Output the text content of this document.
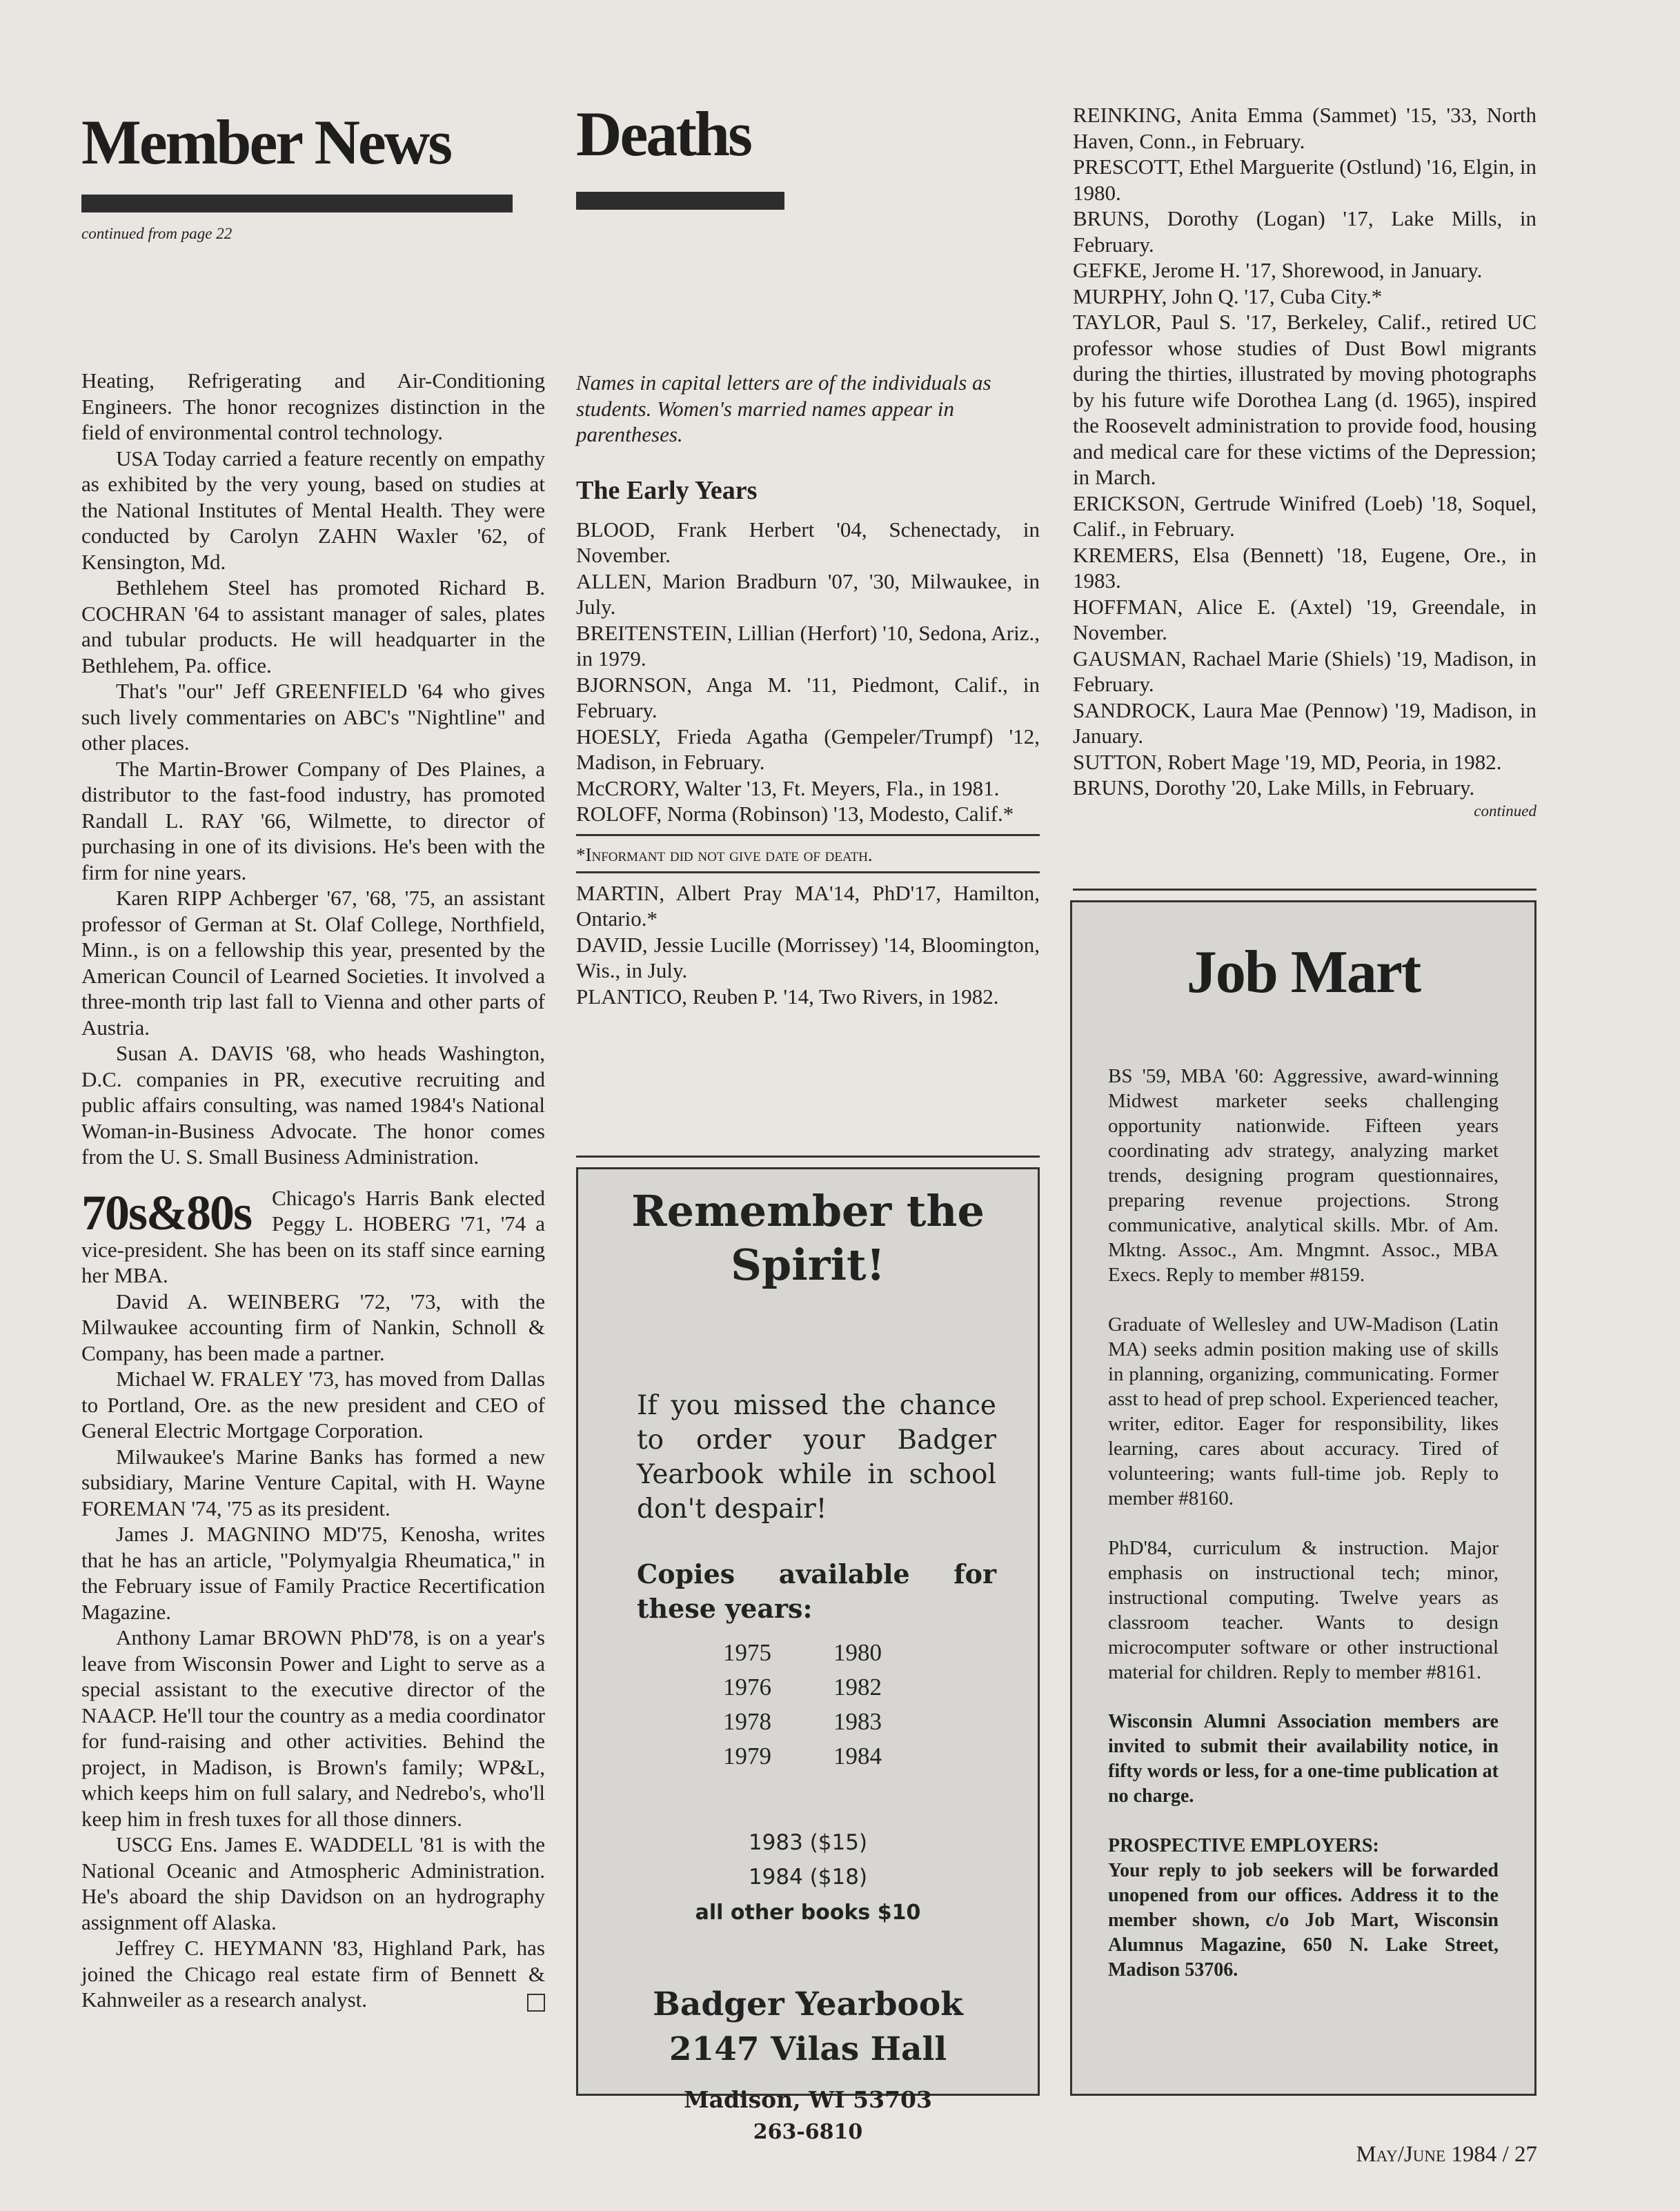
Member News
continued from page 22

Heating, Refrigerating and Air-Conditioning Engineers. The honor recognizes distinction in the field of environmental control technology.

USA Today carried a feature recently on empathy as exhibited by the very young, based on studies at the National Institutes of Mental Health. They were conducted by Carolyn ZAHN Waxler '62, of Kensington, Md.

Bethlehem Steel has promoted Richard B. COCHRAN '64 to assistant manager of sales, plates and tubular products. He will headquarter in the Bethlehem, Pa. office.

That's "our" Jeff GREENFIELD '64 who gives such lively commentaries on ABC's "Nightline" and other places.

The Martin-Brower Company of Des Plaines, a distributor to the fast-food industry, has promoted Randall L. RAY '66, Wilmette, to director of purchasing in one of its divisions. He's been with the firm for nine years.

Karen RIPP Achberger '67, '68, '75, an assistant professor of German at St. Olaf College, Northfield, Minn., is on a fellowship this year, presented by the American Council of Learned Societies. It involved a three-month trip last fall to Vienna and other parts of Austria.

Susan A. DAVIS '68, who heads Washington, D.C. companies in PR, executive recruiting and public affairs consulting, was named 1984's National Woman-in-Business Advocate. The honor comes from the U. S. Small Business Administration.

70s&80s Chicago's Harris Bank elected Peggy L. HOBERG '71, '74 a vice-president. She has been on its staff since earning her MBA.

David A. WEINBERG '72, '73, with the Milwaukee accounting firm of Nankin, Schnoll & Company, has been made a partner.

Michael W. FRALEY '73, has moved from Dallas to Portland, Ore. as the new president and CEO of General Electric Mortgage Corporation.

Milwaukee's Marine Banks has formed a new subsidiary, Marine Venture Capital, with H. Wayne FOREMAN '74, '75 as its president.

James J. MAGNINO MD'75, Kenosha, writes that he has an article, "Polymyalgia Rheumatica," in the February issue of Family Practice Recertification Magazine.

Anthony Lamar BROWN PhD'78, is on a year's leave from Wisconsin Power and Light to serve as a special assistant to the executive director of the NAACP. He'll tour the country as a media coordinator for fund-raising and other activities. Behind the project, in Madison, is Brown's family; WP&L, which keeps him on full salary, and Nedrebo's, who'll keep him in fresh tuxes for all those dinners.

USCG Ens. James E. WADDELL '81 is with the National Oceanic and Atmospheric Administration. He's aboard the ship Davidson on an hydrography assignment off Alaska.

Jeffrey C. HEYMANN '83, Highland Park, has joined the Chicago real estate firm of Bennett & Kahnweiler as a research analyst.

Deaths

Names in capital letters are of the individuals as students. Women's married names appear in parentheses.

The Early Years

BLOOD, Frank Herbert '04, Schenectady, in November.

ALLEN, Marion Bradburn '07, '30, Milwaukee, in July.

BREITENSTEIN, Lillian (Herfort) '10, Sedona, Ariz., in 1979.

BJORNSON, Anga M. '11, Piedmont, Calif., in February.

HOESLY, Frieda Agatha (Gempeler/Trumpf) '12, Madison, in February.

McCRORY, Walter '13, Ft. Meyers, Fla., in 1981.

ROLOFF, Norma (Robinson) '13, Modesto, Calif.*

*Informant did not give date of death.

MARTIN, Albert Pray MA'14, PhD'17, Hamilton, Ontario.*

DAVID, Jessie Lucille (Morrissey) '14, Bloomington, Wis., in July.

PLANTICO, Reuben P. '14, Two Rivers, in 1982.

Remember the
Spirit!

If you missed the chance to order your Badger Yearbook while in school don't despair!

Copies available for these years:

1975	1980
1976	1982
1978	1983
1979	1984
1983 ($15)
1984 ($18)
all other books $10
Badger Yearbook
2147 Vilas Hall
Madison, WI 53703
263-6810

REINKING, Anita Emma (Sammet) '15, '33, North Haven, Conn., in February.

PRESCOTT, Ethel Marguerite (Ostlund) '16, Elgin, in 1980.

BRUNS, Dorothy (Logan) '17, Lake Mills, in February.

GEFKE, Jerome H. '17, Shorewood, in January.

MURPHY, John Q. '17, Cuba City.*

TAYLOR, Paul S. '17, Berkeley, Calif., retired UC professor whose studies of Dust Bowl migrants during the thirties, illustrated by moving photographs by his future wife Dorothea Lang (d. 1965), inspired the Roosevelt administration to provide food, housing and medical care for these victims of the Depression; in March.

ERICKSON, Gertrude Winifred (Loeb) '18, Soquel, Calif., in February.

KREMERS, Elsa (Bennett) '18, Eugene, Ore., in 1983.

HOFFMAN, Alice E. (Axtel) '19, Greendale, in November.

GAUSMAN, Rachael Marie (Shiels) '19, Madison, in February.

SANDROCK, Laura Mae (Pennow) '19, Madison, in January.

SUTTON, Robert Mage '19, MD, Peoria, in 1982.

BRUNS, Dorothy '20, Lake Mills, in February.

continued
Job Mart

BS '59, MBA '60: Aggressive, award-winning Midwest marketer seeks challenging opportunity nationwide. Fifteen years coordinating adv strategy, analyzing market trends, designing program questionnaires, preparing revenue projections. Strong communicative, analytical skills. Mbr. of Am. Mktng. Assoc., Am. Mngmnt. Assoc., MBA Execs. Reply to member #8159.

Graduate of Wellesley and UW-Madison (Latin MA) seeks admin position making use of skills in planning, organizing, communicating. Former asst to head of prep school. Experienced teacher, writer, editor. Eager for responsibility, likes learning, cares about accuracy. Tired of volunteering; wants full-time job. Reply to member #8160.

PhD'84, curriculum & instruction. Major emphasis on instructional tech; minor, instructional computing. Twelve years as classroom teacher. Wants to design microcomputer software or other instructional material for children. Reply to member #8161.

Wisconsin Alumni Association members are invited to submit their availability notice, in fifty words or less, for a one-time publication at no charge.

PROSPECTIVE EMPLOYERS:

Your reply to job seekers will be forwarded unopened from our offices. Address it to the member shown, c/o Job Mart, Wisconsin Alumnus Magazine, 650 N. Lake Street, Madison 53706.

May/June 1984 / 27
